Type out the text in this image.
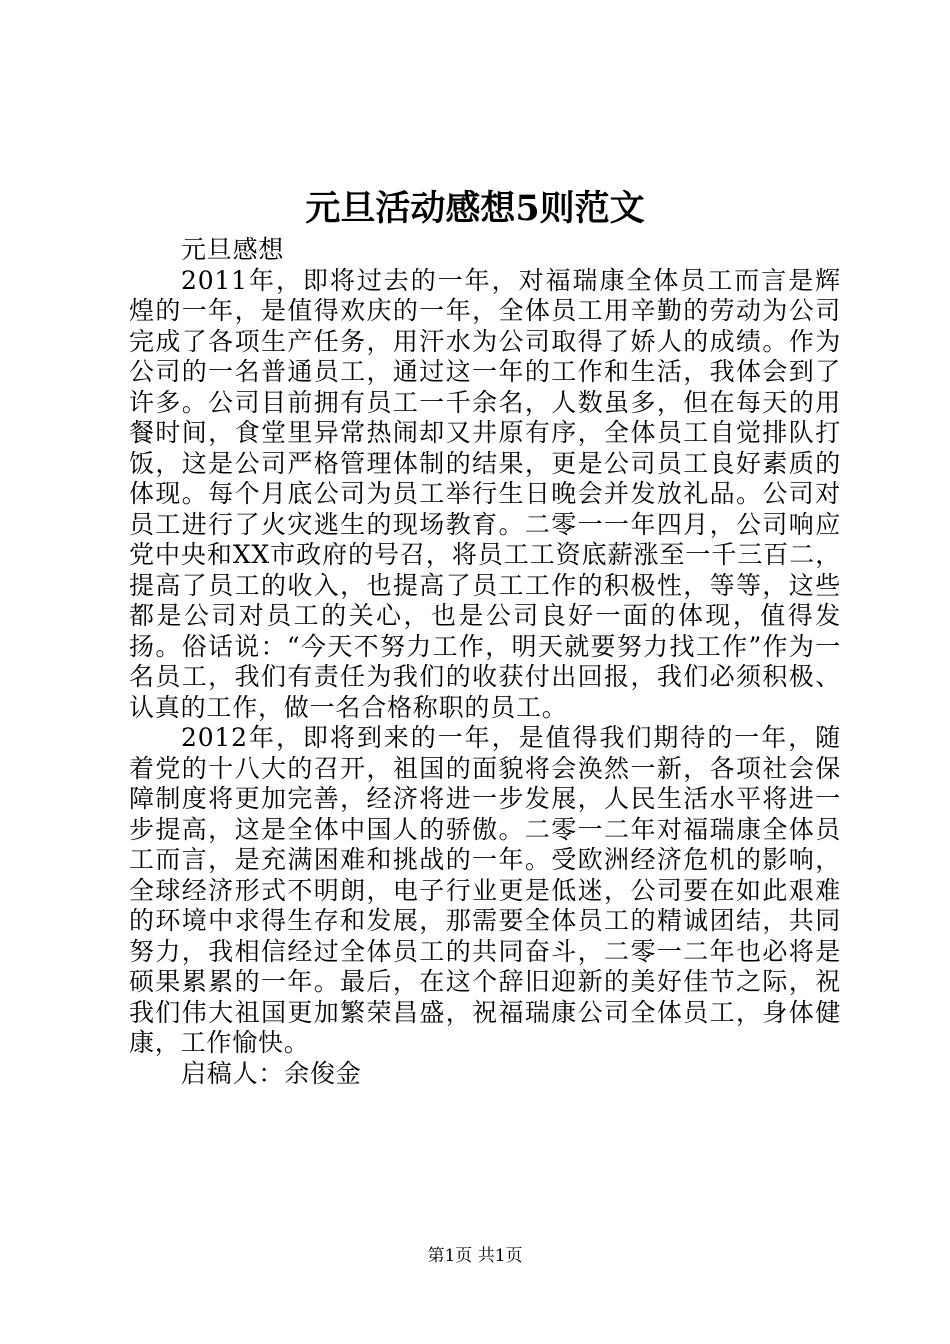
元旦活动感想5则范文

元旦感想

2011年，即将过去的一年，对福瑞康全体员工而言是辉煌的一年，是值得欢庆的一年，全体员工用辛勤的劳动为公司完成了各项生产任务，用汗水为公司取得了娇人的成绩。作为公司的一名普通员工，通过这一年的工作和生活，我体会到了许多。公司目前拥有员工一千余名，人数虽多，但在每天的用餐时间，食堂里异常热闹却又井原有序，全体员工自觉排队打饭，这是公司严格管理体制的结果，更是公司员工良好素质的体现。每个月底公司为员工举行生日晚会并发放礼品。公司对员工进行了火灾逃生的现场教育。二零一一年四月，公司响应党中央和XX市政府的号召，将员工工资底薪涨至一千三百二，提高了员工的收入，也提高了员工工作的积极性，等等，这些都是公司对员工的关心，也是公司良好一面的体现，值得发扬。俗话说：“今天不努力工作，明天就要努力找工作”作为一名员工，我们有责任为我们的收获付出回报，我们必须积极、认真的工作，做一名合格称职的员工。

2012年，即将到来的一年，是值得我们期待的一年，随着党的十八大的召开，祖国的面貌将会涣然一新，各项社会保障制度将更加完善，经济将进一步发展，人民生活水平将进一步提高，这是全体中国人的骄傲。二零一二年对福瑞康全体员工而言，是充满困难和挑战的一年。受欧洲经济危机的影响，全球经济形式不明朗，电子行业更是低迷，公司要在如此艰难的环境中求得生存和发展，那需要全体员工的精诚团结，共同努力，我相信经过全体员工的共同奋斗，二零一二年也必将是硕果累累的一年。最后，在这个辞旧迎新的美好佳节之际，祝我们伟大祖国更加繁荣昌盛，祝福瑞康公司全体员工，身体健康，工作愉快。

启稿人：余俊金

第1页 共1页
